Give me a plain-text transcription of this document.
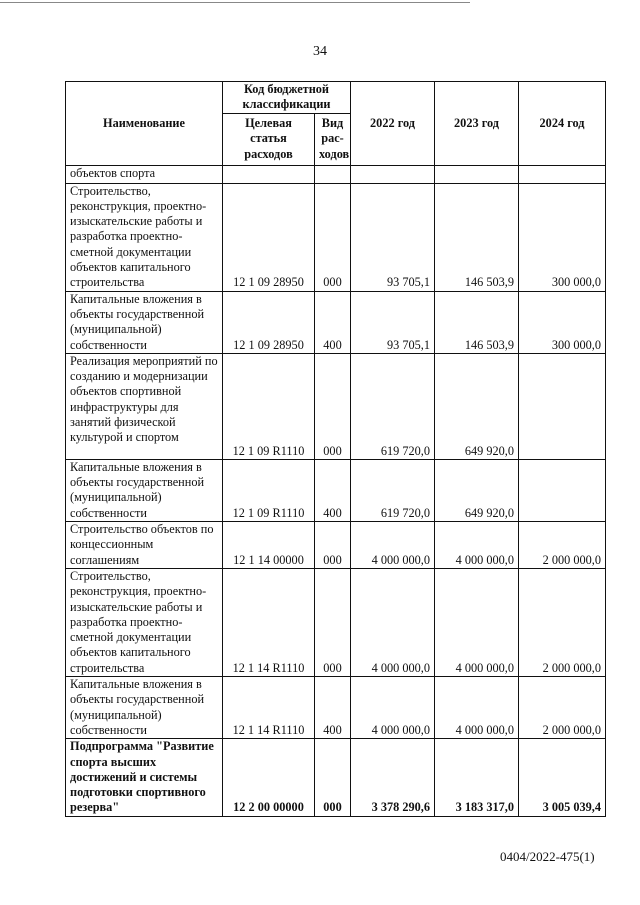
34
Наименование	Код бюджетной классификации		2022 год	2023 год	2024 год
	Целевая статья расходов	Вид рас-ходов			
объектов спорта					
Строительство, реконструкция, проектно-изыскательские работы и разработка проектно-сметной документации объектов капитального строительства	12 1 09 28950	000	93 705,1	146 503,9	300 000,0
Капитальные вложения в объекты государственной (муниципальной) собственности	12 1 09 28950	400	93 705,1	146 503,9	300 000,0
Реализация мероприятий по созданию и модернизации объектов спортивной инфраструктуры для занятий физической культурой и спортом	12 1 09 R1110	000	619 720,0	649 920,0	
Капитальные вложения в объекты государственной (муниципальной) собственности	12 1 09 R1110	400	619 720,0	649 920,0	
Строительство объектов по концессионным соглашениям	12 1 14 00000	000	4 000 000,0	4 000 000,0	2 000 000,0
Строительство, реконструкция, проектно-изыскательские работы и разработка проектно-сметной документации объектов капитального строительства	12 1 14 R1110	000	4 000 000,0	4 000 000,0	2 000 000,0
Капитальные вложения в объекты государственной (муниципальной) собственности	12 1 14 R1110	400	4 000 000,0	4 000 000,0	2 000 000,0
Подпрограмма "Развитие спорта высших достижений и системы подготовки спортивного резерва"	12 2 00 00000	000	3 378 290,6	3 183 317,0	3 005 039,4
0404/2022-475(1)
